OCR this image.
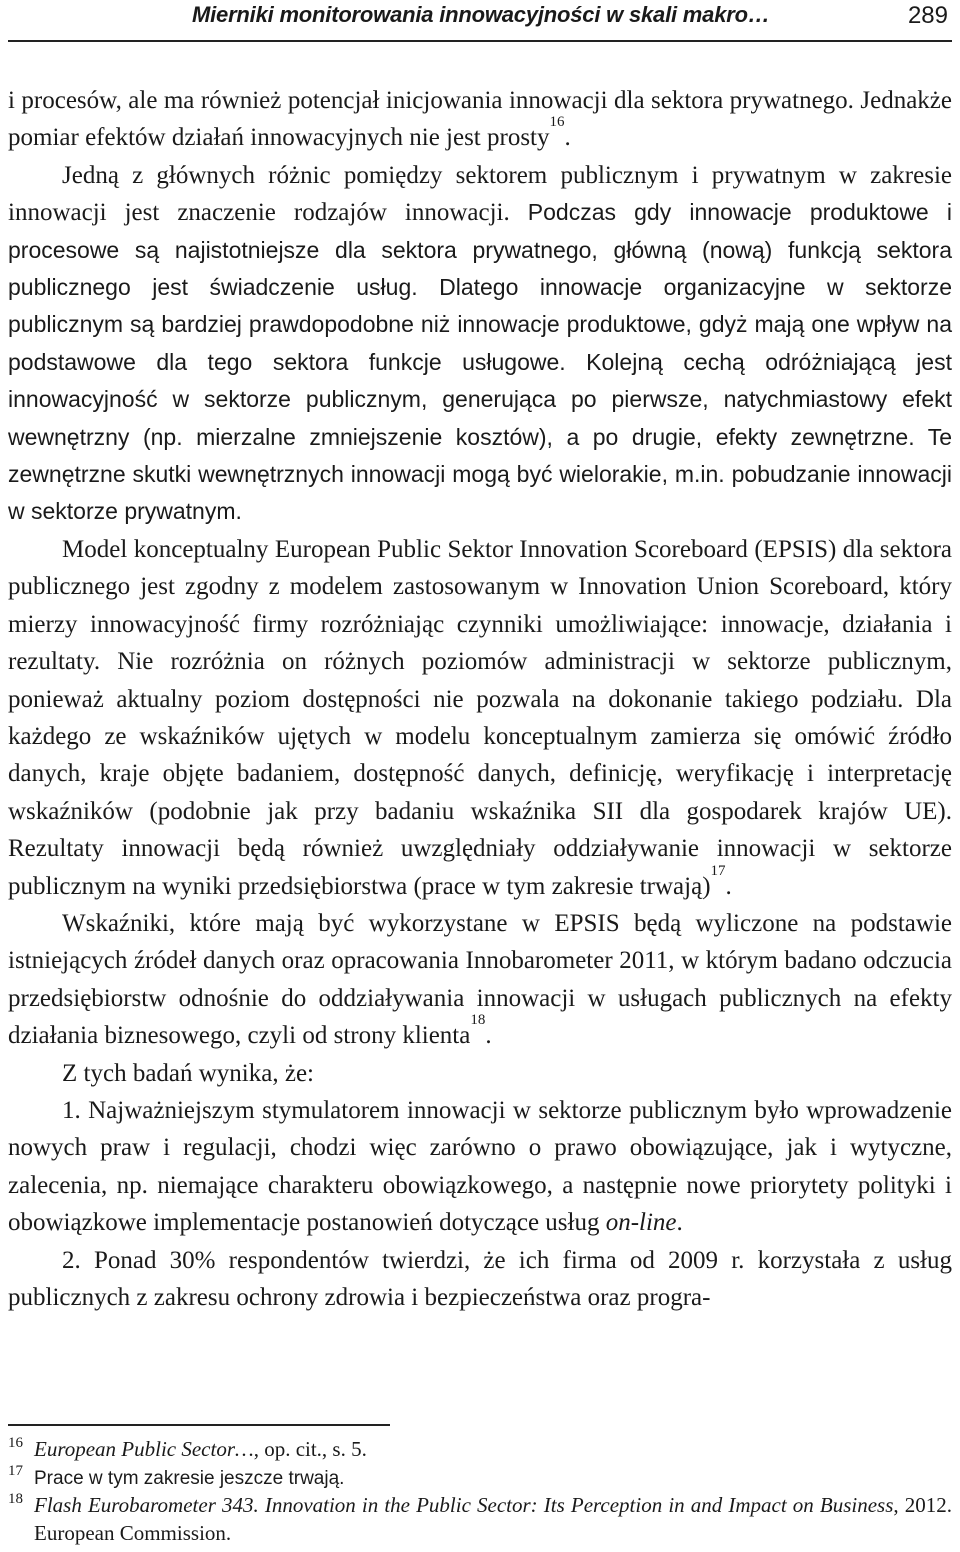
Mierniki monitorowania innowacyjności w skali makro…	289

i procesów, ale ma również potencjał inicjowania innowacji dla sektora prywatnego. Jednakże pomiar efektów działań innowacyjnych nie jest prosty$^{16}$.

Jedną z głównych różnic pomiędzy sektorem publicznym i prywatnym w zakresie innowacji jest znaczenie rodzajów innowacji. Podczas gdy innowacje produktowe i procesowe są najistotniejsze dla sektora prywatnego, główną (nową) funkcją sektora publicznego jest świadczenie usług. Dlatego innowacje organizacyjne w sektorze publicznym są bardziej prawdopodobne niż innowacje produktowe, gdyż mają one wpływ na podstawowe dla tego sektora funkcje usługowe. Kolejną cechą odróżniającą jest innowacyjność w sektorze publicznym, generująca po pierwsze, natychmiastowy efekt wewnętrzny (np. mierzalne zmniejszenie kosztów), a po drugie, efekty zewnętrzne. Te zewnętrzne skutki wewnętrznych innowacji mogą być wielorakie, m.in. pobudzanie innowacji w sektorze prywatnym.

Model konceptualny European Public Sektor Innovation Scoreboard (EPSIS) dla sektora publicznego jest zgodny z modelem zastosowanym w Innovation Union Scoreboard, który mierzy innowacyjność firmy rozróżniając czynniki umożliwiające: innowacje, działania i rezultaty. Nie rozróżnia on różnych poziomów administracji w sektorze publicznym, ponieważ aktualny poziom dostępności nie pozwala na dokonanie takiego podziału. Dla każdego ze wskaźników ujętych w modelu konceptualnym zamierza się omówić źródło danych, kraje objęte badaniem, dostępność danych, definicję, weryfikację i interpretację wskaźników (podobnie jak przy badaniu wskaźnika SII dla gospodarek krajów UE). Rezultaty innowacji będą również uwzględniały oddziaływanie innowacji w sektorze publicznym na wyniki przedsiębiorstwa (prace w tym zakresie trwają)$^{17}$.

Wskaźniki, które mają być wykorzystane w EPSIS będą wyliczone na podstawie istniejących źródeł danych oraz opracowania Innobarometer 2011, w którym badano odczucia przedsiębiorstw odnośnie do oddziaływania innowacji w usługach publicznych na efekty działania biznesowego, czyli od strony klienta$^{18}$.

Z tych badań wynika, że:

1. Najważniejszym stymulatorem innowacji w sektorze publicznym było wprowadzenie nowych praw i regulacji, chodzi więc zarówno o prawo obowiązujące, jak i wytyczne, zalecenia, np. niemające charakteru obowiązkowego, a następnie nowe priorytety polityki i obowiązkowe implementacje postanowień dotyczące usług on-line.

2. Ponad 30% respondentów twierdzi, że ich firma od 2009 r. korzystała z usług publicznych z zakresu ochrony zdrowia i bezpieczeństwa oraz progra-

16 European Public Sector…, op. cit., s. 5.
17 Prace w tym zakresie jeszcze trwają.
18 Flash Eurobarometer 343. Innovation in the Public Sector: Its Perception in and Impact on Business, 2012. European Commission.
